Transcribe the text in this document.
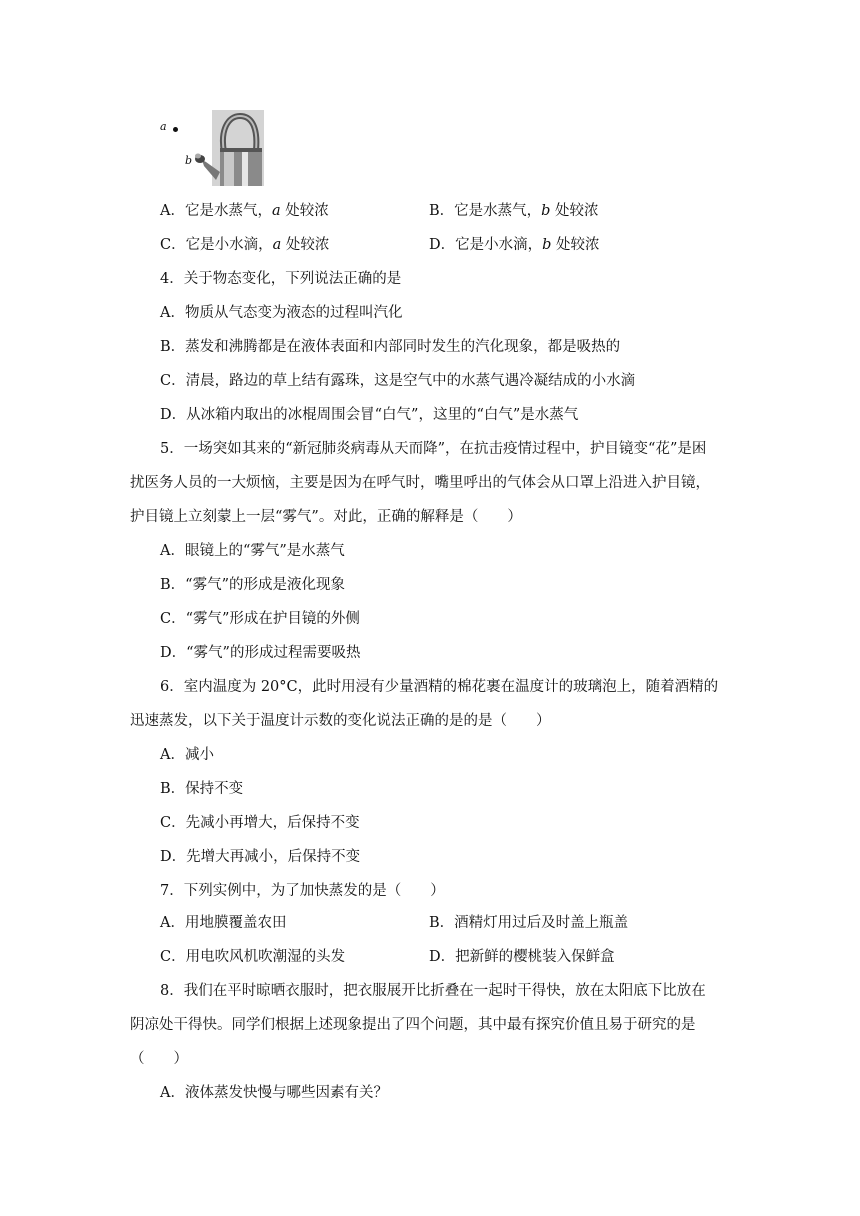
a
b
A．它是水蒸气，a 处较浓	B．它是水蒸气，b 处较浓
C．它是小水滴，a 处较浓	D．它是小水滴，b 处较浓
4．关于物态变化，下列说法正确的是
A．物质从气态变为液态的过程叫汽化
B．蒸发和沸腾都是在液体表面和内部同时发生的汽化现象，都是吸热的
C．清晨，路边的草上结有露珠，这是空气中的水蒸气遇冷凝结成的小水滴
D．从冰箱内取出的冰棍周围会冒“白气”，这里的“白气”是水蒸气
5．一场突如其来的“新冠肺炎病毒从天而降”，在抗击疫情过程中，护目镜变“花”是困
扰医务人员的一大烦恼，主要是因为在呼气时，嘴里呼出的气体会从口罩上沿进入护目镜，
护目镜上立刻蒙上一层“雾气”。对此，正确的解释是（　　）
A．眼镜上的“雾气”是水蒸气
B．“雾气”的形成是液化现象
C．“雾气”形成在护目镜的外侧
D．“雾气”的形成过程需要吸热
6．室内温度为 20°C，此时用浸有少量酒精的棉花裹在温度计的玻璃泡上，随着酒精的
迅速蒸发，以下关于温度计示数的变化说法正确的是的是（　　）
A．减小
B．保持不变
C．先减小再增大，后保持不变
D．先增大再减小，后保持不变
7．下列实例中，为了加快蒸发的是（　　）
A．用地膜覆盖农田	B．酒精灯用过后及时盖上瓶盖
C．用电吹风机吹潮湿的头发	D．把新鲜的樱桃装入保鲜盒
8．我们在平时晾晒衣服时，把衣服展开比折叠在一起时干得快，放在太阳底下比放在
阴凉处干得快。同学们根据上述现象提出了四个问题，其中最有探究价值且易于研究的是
（　　）
A．液体蒸发快慢与哪些因素有关？
